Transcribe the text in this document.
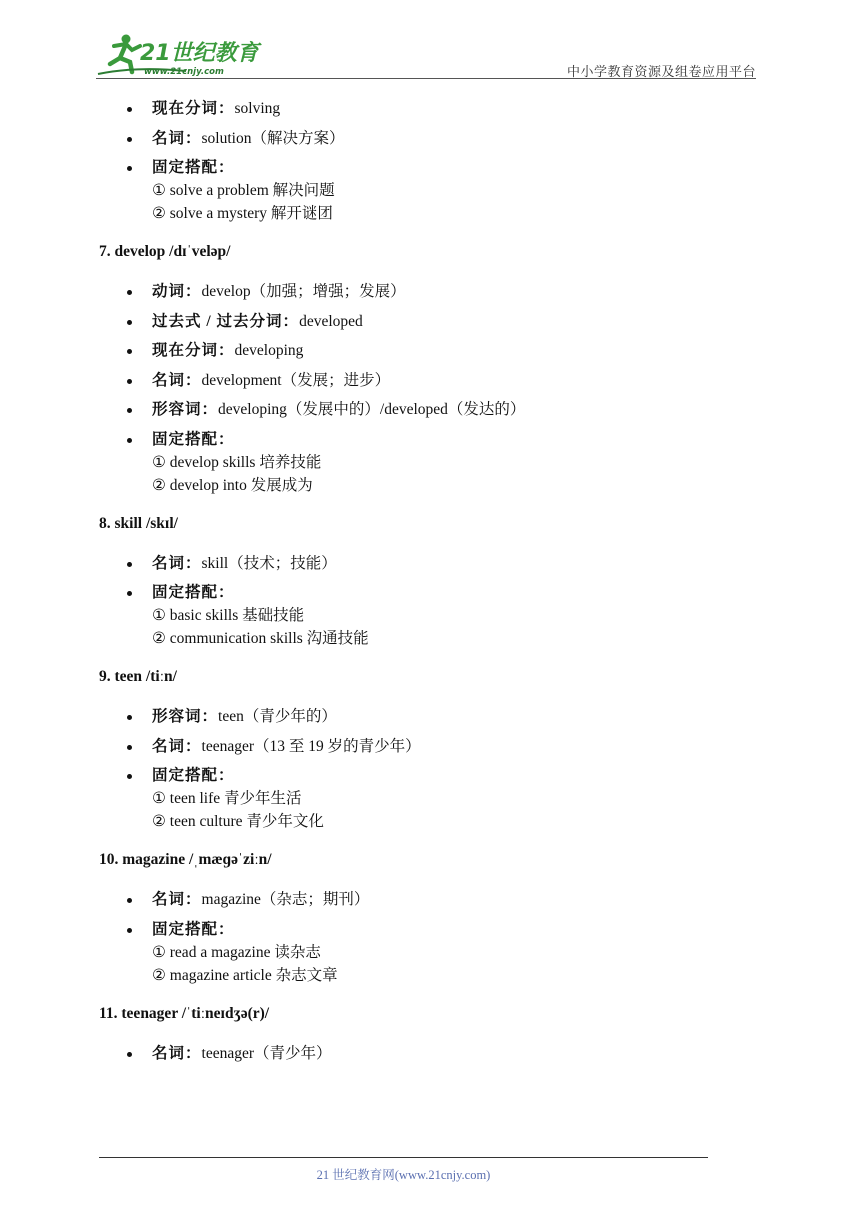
21世纪教育
www.21cnjy.com	中小学教育资源及组卷应用平台
现在分词：solving
名词：solution（解决方案）
固定搭配：
① solve a problem 解决问题
② solve a mystery 解开谜团
7. develop /dɪˈveləp/
动词：develop（加强；增强；发展）
过去式 / 过去分词：developed
现在分词：developing
名词：development（发展；进步）
形容词：developing（发展中的）/developed（发达的）
固定搭配：
① develop skills 培养技能
② develop into 发展成为
8. skill /skɪl/
名词：skill（技术；技能）
固定搭配：
① basic skills 基础技能
② communication skills 沟通技能
9. teen /tiːn/
形容词：teen（青少年的）
名词：teenager（13 至 19 岁的青少年）
固定搭配：
① teen life 青少年生活
② teen culture 青少年文化
10. magazine /ˌmæɡəˈziːn/
名词：magazine（杂志；期刊）
固定搭配：
① read a magazine 读杂志
② magazine article 杂志文章
11. teenager /ˈtiːneɪdʒə(r)/
名词：teenager（青少年）
21 世纪教育网(www.21cnjy.com)
